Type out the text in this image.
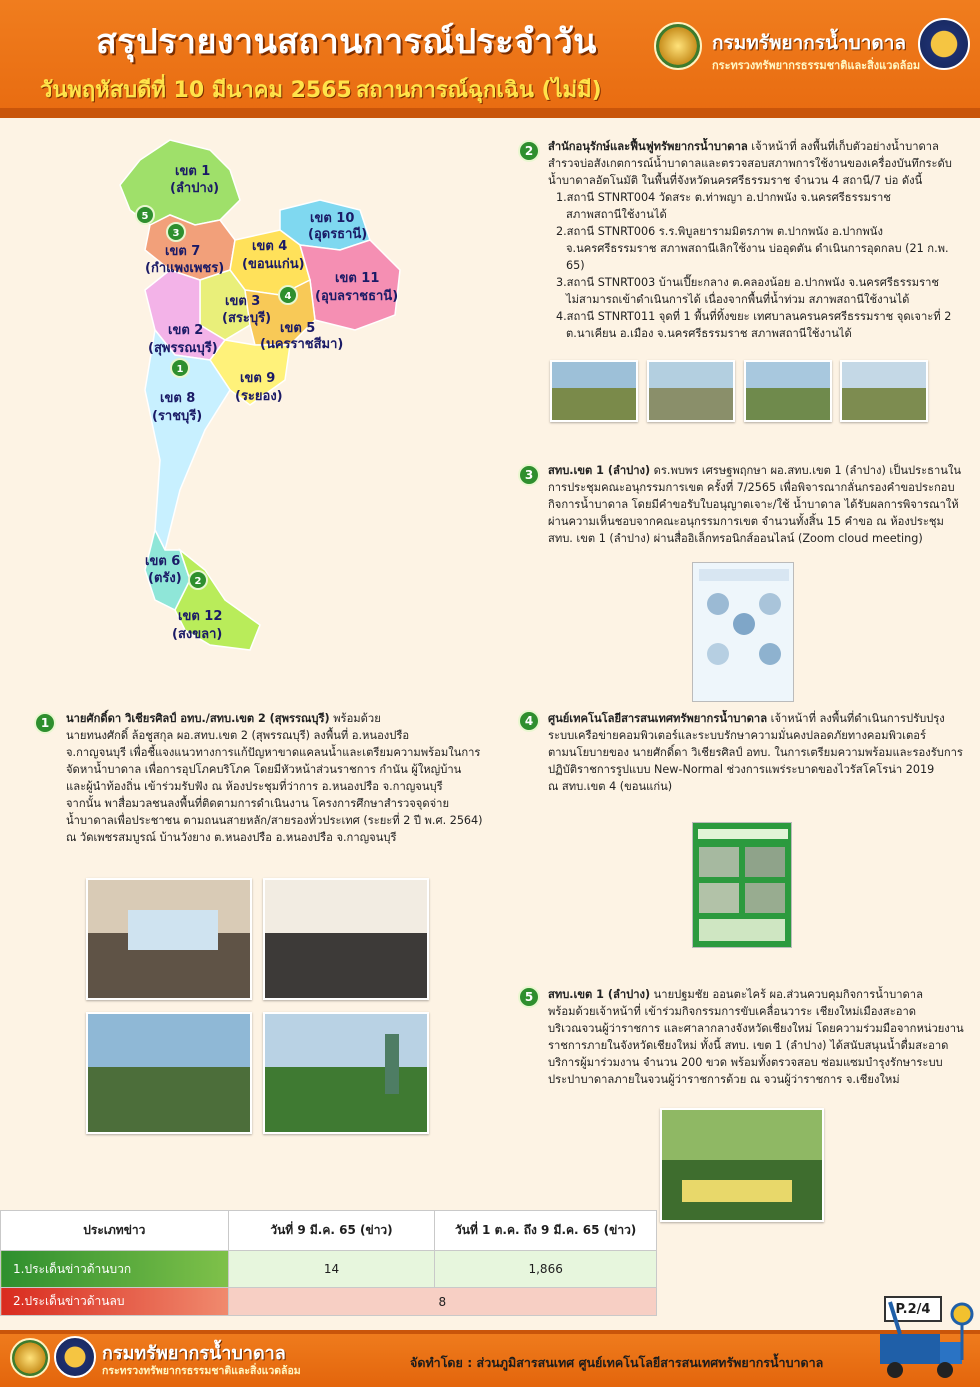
สรุปรายงานสถานการณ์ประจำวัน
วันพฤหัสบดีที่ 10 มีนาคม 2565 สถานการณ์ฉุกเฉิน (ไม่มี)
กรมทรัพยากรน้ำบาดาล
กระทรวงทรัพยากรธรรมชาติและสิ่งแวดล้อม
เขต 1
(ลำปาง)
เขต 7
(กำแพงเพชร)
เขต 10
(อุดรธานี)
เขต 4
(ขอนแก่น)
เขต 11
(อุบลราชธานี)
เขต 3
(สระบุรี)
เขต 5
(นครราชสีมา)
เขต 2
(สุพรรณบุรี)
เขต 9
(ระยอง)
เขต 8
(ราชบุรี)
เขต 6
(ตรัง)
เขต 12
(สงขลา)
1
2
3
4
5
2	สำนักอนุรักษ์และฟื้นฟูทรัพยากรน้ำบาดาล เจ้าหน้าที่ ลงพื้นที่เก็บตัวอย่างน้ำบาดาล
สำรวจบ่อสังเกตการณ์น้ำบาดาลและตรวจสอบสภาพการใช้งานของเครื่องบันทึกระดับ
น้ำบาดาลอัตโนมัติ ในพื้นที่จังหวัดนครศรีธรรมราช จำนวน 4 สถานี/7 บ่อ ดังนี้
1.สถานี STNRT004 วัดสระ ต.ท่าพญา อ.ปากพนัง จ.นครศรีธรรมราช
สภาพสถานีใช้งานได้
2.สถานี STNRT006 ร.ร.พิบูลยารามมิตรภาพ ต.ปากพนัง อ.ปากพนัง
จ.นครศรีธรรมราช สภาพสถานีเลิกใช้งาน บ่ออุดตัน ดำเนินการอุดกลบ (21 ก.พ. 65)
3.สถานี STNRT003 บ้านเปี๊ยะกลาง ต.คลองน้อย อ.ปากพนัง จ.นครศรีธรรมราช
ไม่สามารถเข้าดำเนินการได้ เนื่องจากพื้นที่น้ำท่วม สภาพสถานีใช้งานได้
4.สถานี STNRT011 จุดที่ 1 พื้นที่ทิ้งขยะ เทศบาลนครนครศรีธรรมราช จุดเจาะที่ 2
ต.นาเคียน อ.เมือง จ.นครศรีธรรมราช สภาพสถานีใช้งานได้
3	สทบ.เขต 1 (ลำปาง) ดร.พบพร เศรษฐพฤกษา ผอ.สทบ.เขต 1 (ลำปาง) เป็นประธานใน
การประชุมคณะอนุกรรมการเขต ครั้งที่ 7/2565 เพื่อพิจารณากลั่นกรองคำขอประกอบ
กิจการน้ำบาดาล โดยมีคำขอรับใบอนุญาตเจาะ/ใช้ น้ำบาดาล ได้รับผลการพิจารณาให้
ผ่านความเห็นชอบจากคณะอนุกรรมการเขต จำนวนทั้งสิ้น 15 คำขอ ณ ห้องประชุม
สทบ. เขต 1 (ลำปาง) ผ่านสื่ออิเล็กทรอนิกส์ออนไลน์ (Zoom cloud meeting)
4	ศูนย์เทคโนโลยีสารสนเทศทรัพยากรน้ำบาดาล เจ้าหน้าที่ ลงพื้นที่ดำเนินการปรับปรุง
ระบบเครือข่ายคอมพิวเตอร์และระบบรักษาความมั่นคงปลอดภัยทางคอมพิวเตอร์
ตามนโยบายของ นายศักดิ์ดา วิเชียรศิลป์ อทบ. ในการเตรียมความพร้อมและรองรับการ
ปฏิบัติราชการรูปแบบ New-Normal ช่วงการแพร่ระบาดของไวรัสโคโรน่า 2019
ณ สทบ.เขต 4 (ขอนแก่น)
5	สทบ.เขต 1 (ลำปาง) นายปฐมชัย ออนตะไคร้ ผอ.ส่วนควบคุมกิจการน้ำบาดาล
พร้อมด้วยเจ้าหน้าที่ เข้าร่วมกิจกรรมการขับเคลื่อนวาระ เชียงใหม่เมืองสะอาด
บริเวณจวนผู้ว่าราชการ และศาลากลางจังหวัดเชียงใหม่ โดยความร่วมมือจากหน่วยงาน
ราชการภายในจังหวัดเชียงใหม่ ทั้งนี้ สทบ. เขต 1 (ลำปาง) ได้สนับสนุนน้ำดื่มสะอาด
บริการผู้มาร่วมงาน จำนวน 200 ขวด พร้อมทั้งตรวจสอบ ซ่อมแซมบำรุงรักษาระบบ
ประปาบาดาลภายในจวนผู้ว่าราชการด้วย ณ จวนผู้ว่าราชการ จ.เชียงใหม่
1	นายศักดิ์ดา วิเชียรศิลป์ อทบ./สทบ.เขต 2 (สุพรรณบุรี) พร้อมด้วย
นายทนงศักดิ์ ล้อชูสกุล ผอ.สทบ.เขต 2 (สุพรรณบุรี) ลงพื้นที่ อ.หนองปรือ
จ.กาญจนบุรี เพื่อชี้แจงแนวทางการแก้ปัญหาขาดแคลนน้ำและเตรียมความพร้อมในการ
จัดหาน้ำบาดาล เพื่อการอุปโภคบริโภค โดยมีหัวหน้าส่วนราชการ กำนัน ผู้ใหญ่บ้าน
และผู้นำท้องถิ่น เข้าร่วมรับฟัง ณ ห้องประชุมที่ว่าการ อ.หนองปรือ จ.กาญจนบุรี
จากนั้น พาสื่อมวลชนลงพื้นที่ติดตามการดำเนินงาน โครงการศึกษาสำรวจจุดจ่าย
น้ำบาดาลเพื่อประชาชน ตามถนนสายหลัก/สายรองทั่วประเทศ (ระยะที่ 2 ปี พ.ศ. 2564)
ณ วัดเพชรสมบูรณ์ บ้านวังยาง ต.หนองปรือ อ.หนองปรือ จ.กาญจนบุรี
ประเภทข่าว	วันที่ 9 มี.ค. 65 (ข่าว)	วันที่ 1 ต.ค. ถึง 9 มี.ค. 65 (ข่าว)
1.ประเด็นข่าวด้านบวก	14	1,866
2.ประเด็นข่าวด้านลบ	8		P.2/4
กรมทรัพยากรน้ำบาดาล
กระทรวงทรัพยากรธรรมชาติและสิ่งแวดล้อม
จัดทำโดย : ส่วนภูมิสารสนเทศ ศูนย์เทคโนโลยีสารสนเทศทรัพยากรน้ำบาดาล
